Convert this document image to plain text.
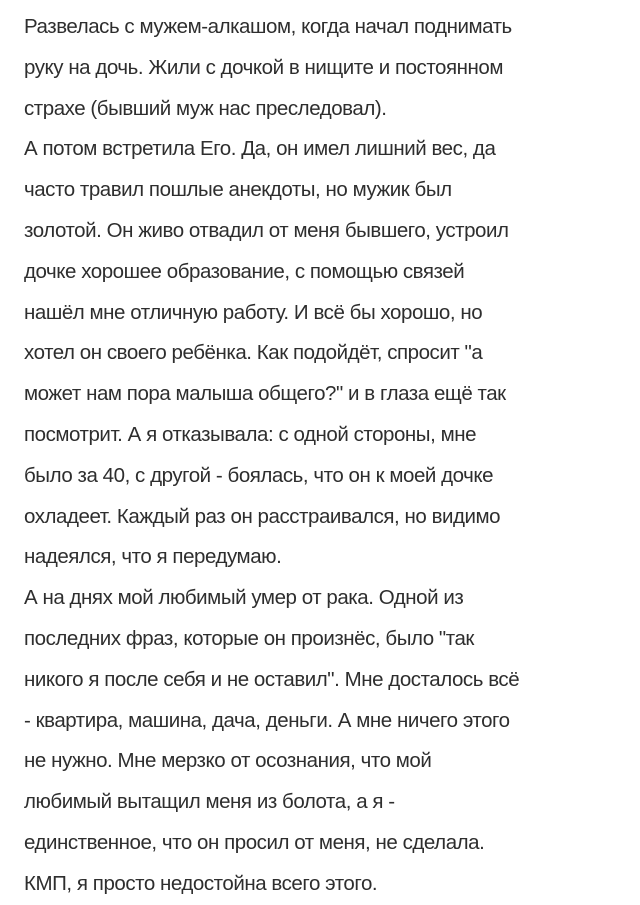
Развелась с мужем-алкашом, когда начал поднимать
руку на дочь. Жили с дочкой в нищите и постоянном
страхе (бывший муж нас преследовал).
А потом встретила Его. Да, он имел лишний вес, да
часто травил пошлые анекдоты, но мужик был
золотой. Он живо отвадил от меня бывшего, устроил
дочке хорошее образование, с помощью связей
нашёл мне отличную работу. И всё бы хорошо, но
хотел он своего ребёнка. Как подойдёт, спросит "а
может нам пора малыша общего?" и в глаза ещё так
посмотрит. А я отказывала: с одной стороны, мне
было за 40, с другой - боялась, что он к моей дочке
охладеет. Каждый раз он расстраивался, но видимо
надеялся, что я передумаю.
А на днях мой любимый умер от рака. Одной из
последних фраз, которые он произнёс, было "так
никого я после себя и не оставил". Мне досталось всё
- квартира, машина, дача, деньги. А мне ничего этого
не нужно. Мне мерзко от осознания, что мой
любимый вытащил меня из болота, а я -
единственное, что он просил от меня, не сделала.
КМП, я просто недостойна всего этого.
